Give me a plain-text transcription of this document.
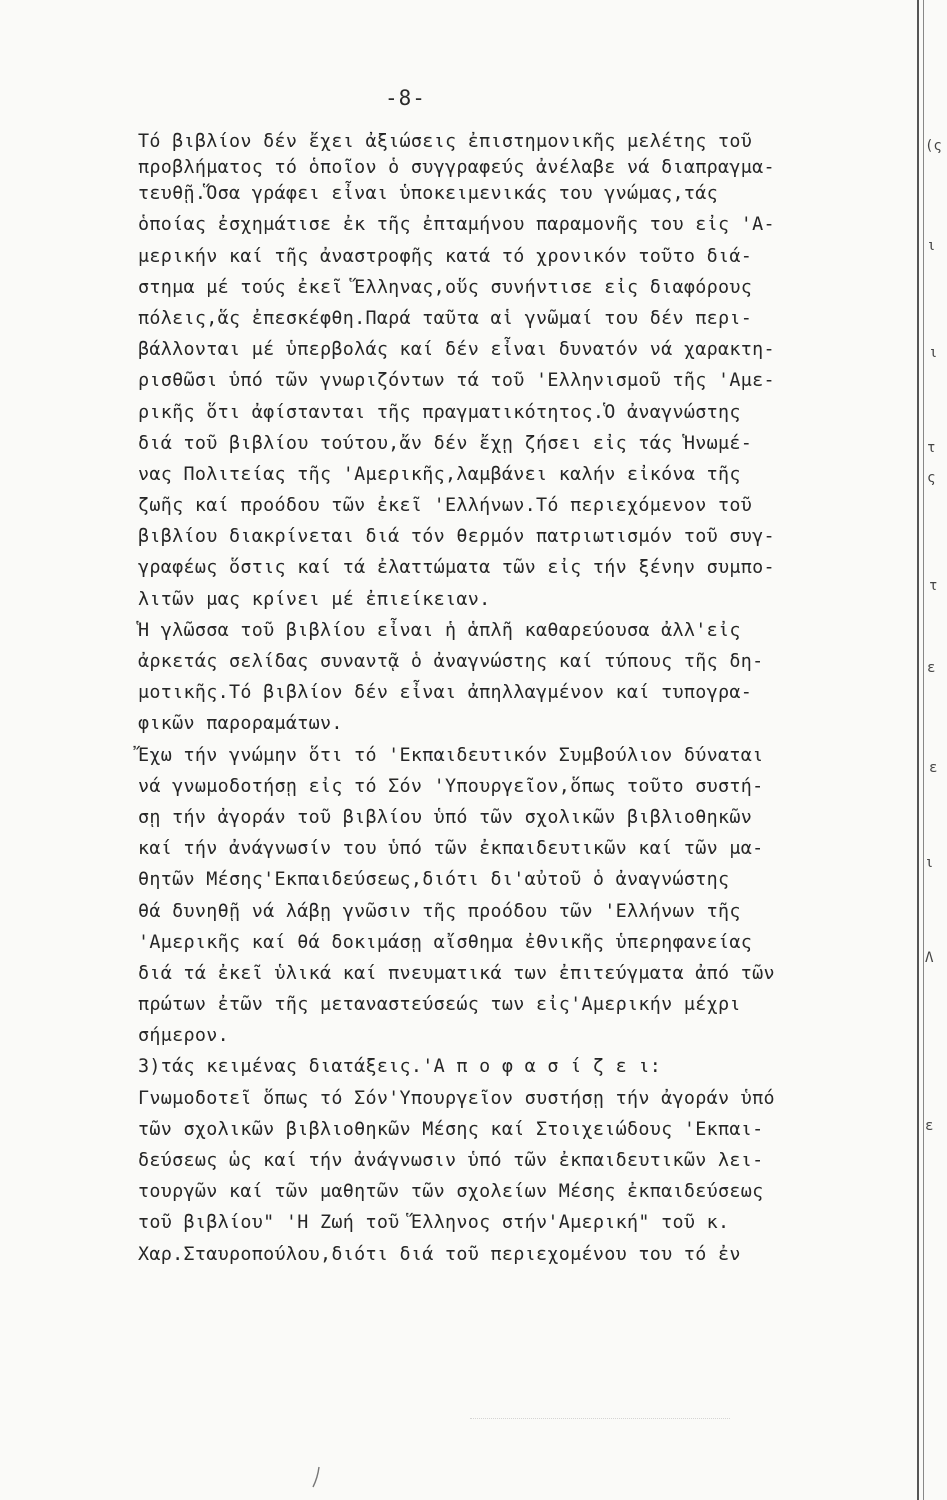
-8-
Τό βιβλίον δέν ἔχει ἀξιώσεις ἐπιστημονικῆς μελέτης τοῦ
προβλήματος τό ὁποῖον ὁ συγγραφεύς ἀνέλαβε νά διαπραγμα-
τευθῇ.Ὅσα γράφει εἶναι ὑποκειμενικάς του γνώμας,τάς
ὁποίας ἐσχημάτισε ἐκ τῆς ἐπταμήνου παραμονῆς του εἰς 'Α-
μερικήν καί τῆς ἀναστροφῆς κατά τό χρονικόν τοῦτο διά-
στημα μέ τούς ἐκεῖ Ἕλληνας,οὕς συνήντισε εἰς διαφόρους
πόλεις,ἅς ἐπεσκέφθη.Παρά ταῦτα αἱ γνῶμαί του δέν περι-
βάλλονται μέ ὑπερβολάς καί δέν εἶναι δυνατόν νά χαρακτη-
ρισθῶσι ὑπό τῶν γνωριζόντων τά τοῦ 'Ελληνισμοῦ τῆς 'Αμε-
ρικῆς ὅτι ἀφίστανται τῆς πραγματικότητος.Ὁ ἀναγνώστης
διά τοῦ βιβλίου τούτου,ἄν δέν ἔχῃ ζήσει εἰς τάς Ἡνωμέ-
νας Πολιτείας τῆς 'Αμερικῆς,λαμβάνει καλήν εἰκόνα τῆς
ζωῆς καί προόδου τῶν ἐκεῖ 'Ελλήνων.Τό περιεχόμενον τοῦ
βιβλίου διακρίνεται διά τόν θερμόν πατριωτισμόν τοῦ συγ-
γραφέως ὅστις καί τά ἐλαττώματα τῶν εἰς τήν ξένην συμπο-
λιτῶν μας κρίνει μέ ἐπιείκειαν.
Ἡ γλῶσσα τοῦ βιβλίου εἶναι ἡ ἁπλῆ καθαρεύουσα ἀλλ'εἰς
ἀρκετάς σελίδας συναντᾷ ὁ ἀναγνώστης καί τύπους τῆς δη-
μοτικῆς.Τό βιβλίον δέν εἶναι ἀπηλλαγμένον καί τυπογρα-
φικῶν παροραμάτων.
Ἔχω τήν γνώμην ὅτι τό 'Εκπαιδευτικόν Συμβούλιον δύναται
νά γνωμοδοτήσῃ εἰς τό Σόν 'Υπουργεῖον,ὅπως τοῦτο συστή-
σῃ τήν ἀγοράν τοῦ βιβλίου ὑπό τῶν σχολικῶν βιβλιοθηκῶν
καί τήν ἀνάγνωσίν του ὑπό τῶν ἐκπαιδευτικῶν καί τῶν μα-
θητῶν Μέσης'Εκπαιδεύσεως,διότι δι'αὐτοῦ ὁ ἀναγνώστης
θά δυνηθῇ νά λάβῃ γνῶσιν τῆς προόδου τῶν 'Ελλήνων τῆς
'Αμερικῆς καί θά δοκιμάσῃ αἴσθημα ἐθνικῆς ὑπερηφανείας
διά τά ἐκεῖ ὑλικά καί πνευματικά των ἐπιτεύγματα ἀπό τῶν
πρώτων ἐτῶν τῆς μεταναστεύσεώς των εἰς'Αμερικήν μέχρι
σήμερον.
3)τάς κειμένας διατάξεις.'Α π ο φ α σ ί ζ ε ι:
Γνωμοδοτεῖ ὅπως τό Σόν'Υπουργεῖον συστήσῃ τήν ἀγοράν ὑπό
τῶν σχολικῶν βιβλιοθηκῶν Μέσης καί Στοιχειώδους 'Εκπαι-
δεύσεως ὡς καί τήν ἀνάγνωσιν ὑπό τῶν ἐκπαιδευτικῶν λει-
τουργῶν καί τῶν μαθητῶν τῶν σχολείων Μέσης ἐκπαιδεύσεως
τοῦ βιβλίου" 'Η Ζωή τοῦ Ἕλληνος στήν'Αμερική" τοῦ κ.
Χαρ.Σταυροπούλου,διότι διά τοῦ περιεχομένου του τό ἐν
(ς
ι
ι
τ
ς
τ
ε
ε
ι
Λ
ε
